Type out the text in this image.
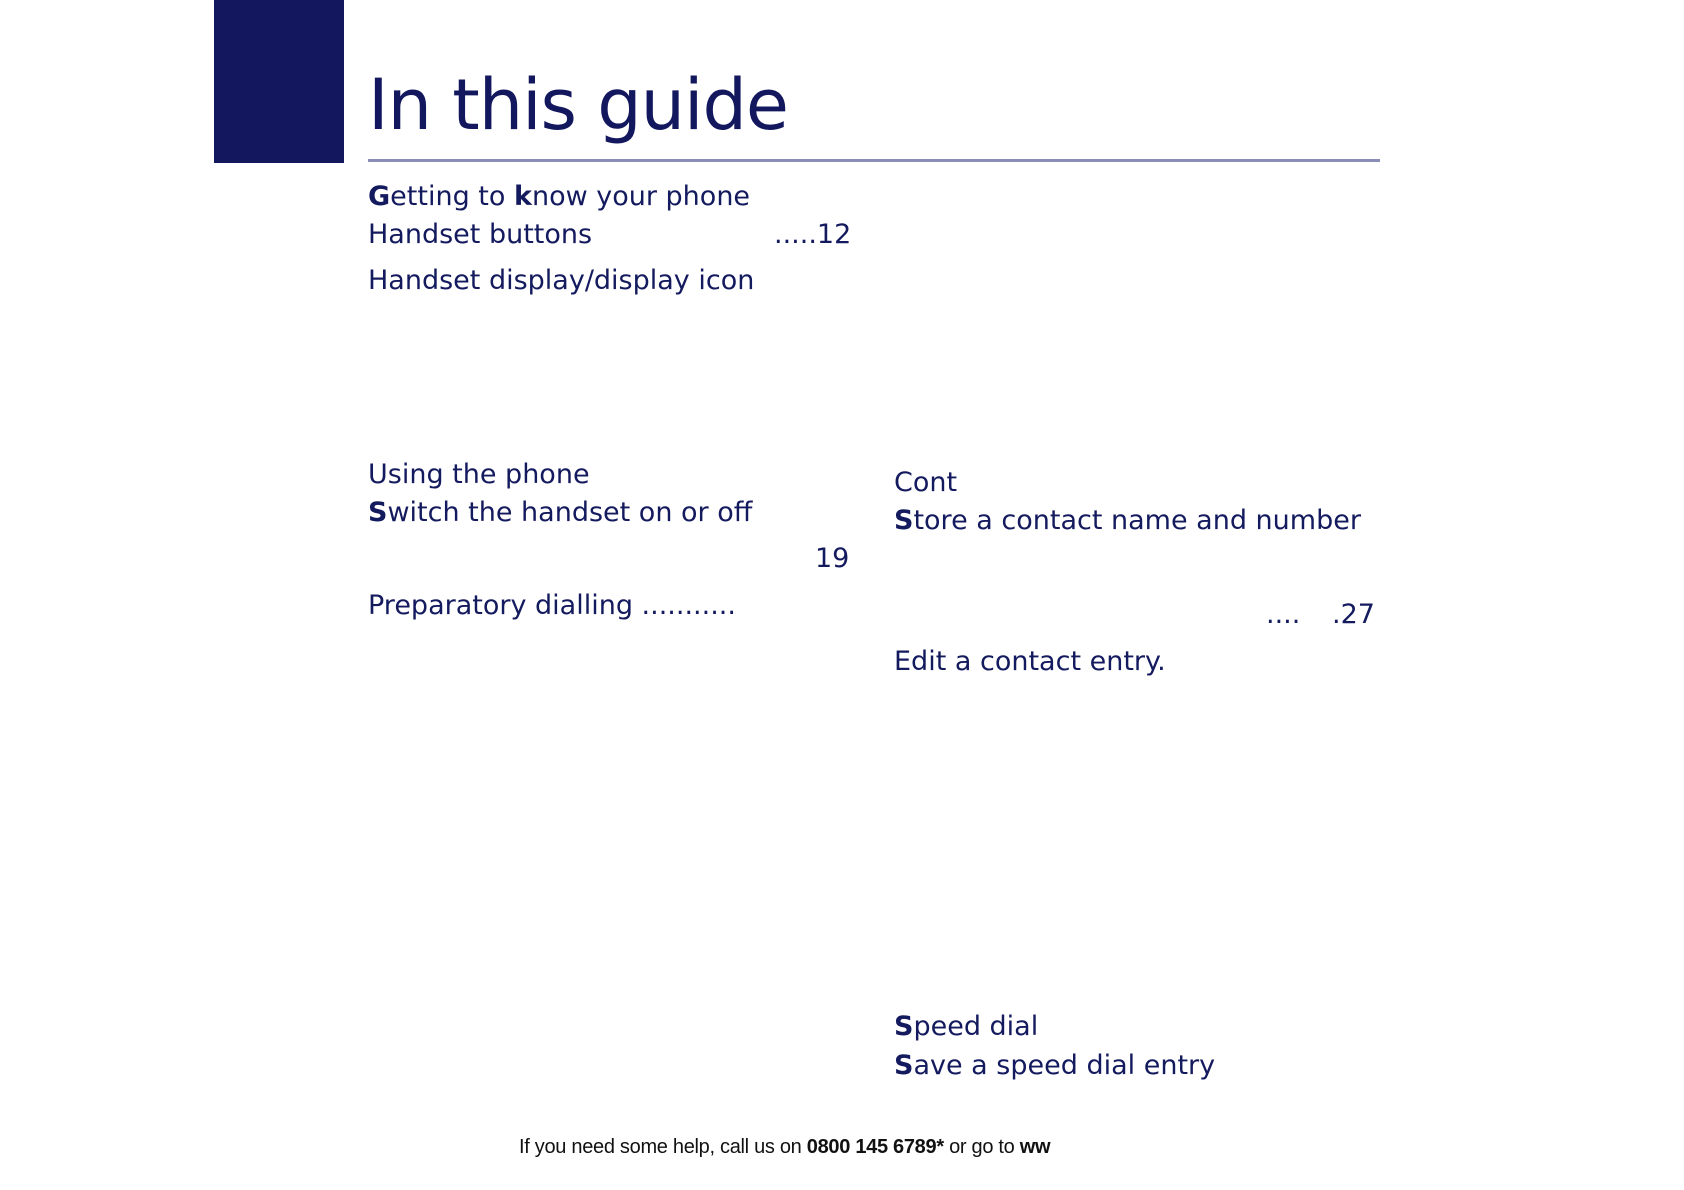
In this guide
Getting to know your phone
Handset buttons	.....12
Handset display/display icon
Using the phone
Switch the handset on or off
19
Preparatory dialling ...........
Cont
Store a contact name and number
.... .27
Edit a contact entry.
Speed dial
Save a speed dial entry
If you need some help, call us on 0800 145 6789* or go to ww
